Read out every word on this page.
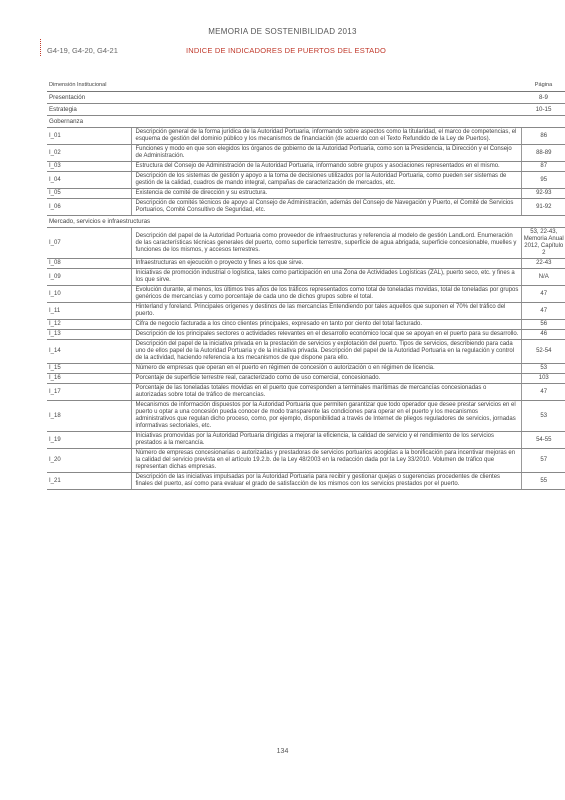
MEMORIA DE SOSTENIBILIDAD 2013
G4-19, G4-20, G4-21	INDICE DE INDICADORES DE PUERTOS DEL ESTADO
Dimensión Institucional		Página
Presentación		8-9
Estrategia		10-15
Gobernanza		
I_01	Descripción general de la forma jurídica de la Autoridad Portuaria, informando sobre aspectos como la titularidad, el marco de competencias, el esquema de gestión del dominio público y los mecanismos de financiación (de acuerdo con el Texto Refundido de la Ley de Puertos).	86
I_02	Funciones y modo en que son elegidos los órganos de gobierno de la Autoridad Portuaria, como son la Presidencia, la Dirección y el Consejo de Administración.	88-89
I_03	Estructura del Consejo de Administración de la Autoridad Portuaria, informando sobre grupos y asociaciones representados en el mismo.	87
I_04	Descripción de los sistemas de gestión y apoyo a la toma de decisiones utilizados por la Autoridad Portuaria, como pueden ser sistemas de gestión de la calidad, cuadros de mando integral, campañas de caracterización de mercados, etc.	95
I_05	Existencia de comité de dirección y su estructura.	92-93
I_06	Descripción de comités técnicos de apoyo al Consejo de Administración, además del Consejo de Navegación y Puerto, el Comité de Servicios Portuarios, Comité Consultivo de Seguridad, etc.	91-92
Mercado, servicios e infraestructuras		
I_07	Descripción del papel de la Autoridad Portuaria como proveedor de infraestructuras y referencia al modelo de gestión LandLord. Enumeración de las características técnicas generales del puerto, como superficie terrestre, superficie de agua abrigada, superficie concesionable, muelles y funciones de los mismos, y accesos terrestres.	53, 22-43, Memoria Anual 2012, Capítulo 2
I_08	Infraestructuras en ejecución o proyecto y fines a los que sirve.	22-43
I_09	Iniciativas de promoción industrial o logística, tales como participación en una Zona de Actividades Logísticas (ZAL), puerto seco, etc. y fines a los que sirve.	N/A
I_10	Evolución durante, al menos, los últimos tres años de los tráficos representados como total de toneladas movidas, total de toneladas por grupos genéricos de mercancías y como porcentaje de cada uno de dichos grupos sobre el total.	47
I_11	Hinterland y foreland. Principales orígenes y destinos de las mercancías Entendiendo por tales aquellos que suponen el 70% del tráfico del puerto.	47
I_12	Cifra de negocio facturada a los cinco clientes principales, expresado en tanto por ciento del total facturado.	56
I_13	Descripción de los principales sectores o actividades relevantes en el desarrollo económico local que se apoyan en el puerto para su desarrollo.	46
I_14	Descripción del papel de la iniciativa privada en la prestación de servicios y explotación del puerto. Tipos de servicios, describiendo para cada uno de ellos papel de la Autoridad Portuaria y de la iniciativa privada. Descripción del papel de la Autoridad Portuaria en la regulación y control de la actividad, haciendo referencia a los mecanismos de que dispone para ello.	52-54
I_15	Número de empresas que operan en el puerto en régimen de concesión o autorización o en régimen de licencia.	53
I_16	Porcentaje de superficie terrestre real, caracterizado como de uso comercial, concesionado.	103
I_17	Porcentaje de las toneladas totales movidas en el puerto que corresponden a terminales marítimas de mercancías concesionadas o autorizadas sobre total de tráfico de mercancías.	47
I_18	Mecanismos de información dispuestos por la Autoridad Portuaria que permiten garantizar que todo operador que desee prestar servicios en el puerto u optar a una concesión pueda conocer de modo transparente las condiciones para operar en el puerto y los mecanismos administrativos que regulan dicho proceso, como, por ejemplo, disponibilidad a través de Internet de pliegos reguladores de servicios, jornadas informativas sectoriales, etc.	53
I_19	Iniciativas promovidas por la Autoridad Portuaria dirigidas a mejorar la eficiencia, la calidad de servicio y el rendimiento de los servicios prestados a la mercancía.	54-55
I_20	Número de empresas concesionarias o autorizadas y prestadoras de servicios portuarios acogidas a la bonificación para incentivar mejoras en la calidad del servicio prevista en el artículo 19.2.b. de la Ley 48/2003 en la redacción dada por la Ley 33/2010. Volumen de tráfico que representan dichas empresas.	57
I_21	Descripción de las iniciativas impulsadas por la Autoridad Portuaria para recibir y gestionar quejas o sugerencias procedentes de clientes finales del puerto, así como para evaluar el grado de satisfacción de los mismos con los servicios prestados por el puerto.	55
134
